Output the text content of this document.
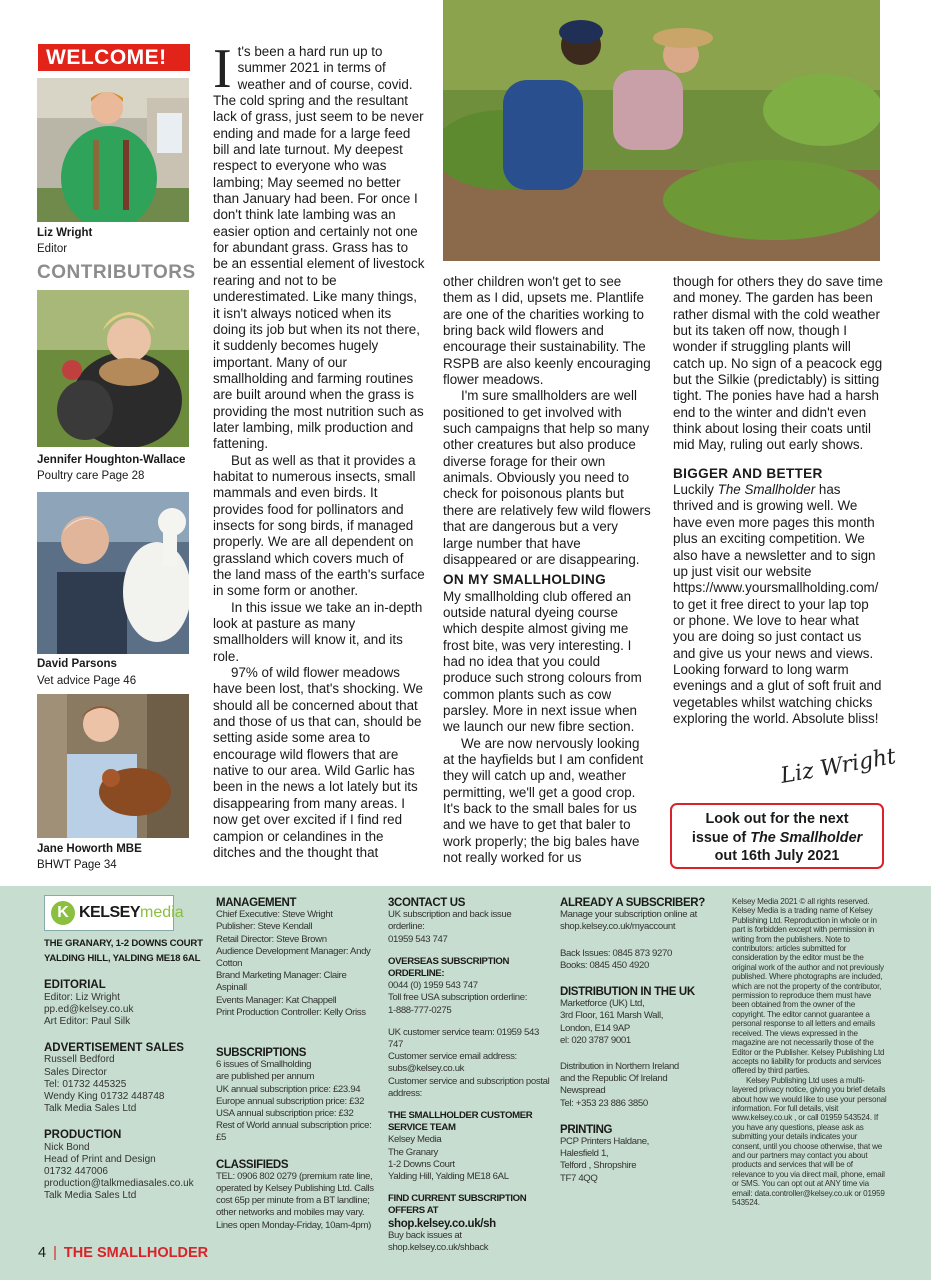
WELCOME!
Liz Wright
Editor
CONTRIBUTORS
Jennifer Houghton-Wallace
Poultry care Page 28
David Parsons
Vet advice Page 46
Jane Howorth MBE
BHWT Page 34
I t's been a hard run up to summer 2021 in terms of weather and of course, covid. The cold spring and the resultant lack of grass, just seem to be never ending and made for a large feed bill and late turnout. My deepest respect to everyone who was lambing; May seemed no better than January had been. For once I don't think late lambing was an easier option and certainly not one for abundant grass. Grass has to be an essential element of livestock rearing and not to be underestimated. Like many things, it isn't always noticed when its doing its job but when its not there, it suddenly becomes hugely important. Many of our smallholding and farming routines are built around when the grass is providing the most nutrition such as later lambing, milk production and fattening.

But as well as that it provides a habitat to numerous insects, small mammals and even birds. It provides food for pollinators and insects for song birds, if managed properly. We are all dependent on grassland which covers much of the land mass of the earth's surface in some form or another.

In this issue we take an in-depth look at pasture as many smallholders will know it, and its role.

97% of wild flower meadows have been lost, that's shocking. We should all be concerned about that and those of us that can, should be setting aside some area to encourage wild flowers that are native to our area. Wild Garlic has been in the news a lot lately but its disappearing from many areas. I now get over excited if I find red campion or celandines in the ditches and the thought that

other children won't get to see them as I did, upsets me. Plantlife are one of the charities working to bring back wild flowers and encourage their sustainability. The RSPB are also keenly encouraging flower meadows.

I'm sure smallholders are well positioned to get involved with such campaigns that help so many other creatures but also produce diverse forage for their own animals. Obviously you need to check for poisonous plants but there are relatively few wild flowers that are dangerous but a very large number that have disappeared or are disappearing.

ON MY SMALLHOLDING

My smallholding club offered an outside natural dyeing course which despite almost giving me frost bite, was very interesting. I had no idea that you could produce such strong colours from common plants such as cow parsley. More in next issue when we launch our new fibre section.

We are now nervously looking at the hayfields but I am confident they will catch up and, weather permitting, we'll get a good crop. It's back to the small bales for us and we have to get that baler to work properly; the big bales have not really worked for us

though for others they do save time and money. The garden has been rather dismal with the cold weather but its taken off now, though I wonder if struggling plants will catch up. No sign of a peacock egg but the Silkie (predictably) is sitting tight. The ponies have had a harsh end to the winter and didn't even think about losing their coats until mid May, ruling out early shows.

BIGGER AND BETTER

Luckily The Smallholder has thrived and is growing well. We have even more pages this month plus an exciting competition. We also have a newsletter and to sign up just visit our website https://www.yoursmallholding.com/ to get it free direct to your lap top or phone. We love to hear what you are doing so just contact us and give us your news and views. Looking forward to long warm evenings and a glut of soft fruit and vegetables whilst watching chicks exploring the world. Absolute bliss!

Liz Wright
Look out for the next
issue of The Smallholder
out 16th July 2021
K KELSEYmedia
THE GRANARY, 1-2 DOWNS COURT
YALDING HILL, YALDING ME18 6AL
EDITORIAL
Editor: Liz Wright
pp.ed@kelsey.co.uk
Art Editor: Paul Silk
ADVERTISEMENT SALES
Russell Bedford
Sales Director
Tel: 01732 445325
Wendy King 01732 448748
Talk Media Sales Ltd
PRODUCTION
Nick Bond
Head of Print and Design
01732 447006
production@talkmediasales.co.uk
Talk Media Sales Ltd
MANAGEMENT
Chief Executive: Steve Wright
Publisher: Steve Kendall
Retail Director: Steve Brown
Audience Development Manager: Andy Cotton
Brand Marketing Manager: Claire Aspinall
Events Manager: Kat Chappell
Print Production Controller: Kelly Oriss
SUBSCRIPTIONS
6 issues of Smallholding
are published per annum
UK annual subscription price: £23.94
Europe annual subscription price: £32
USA annual subscription price: £32
Rest of World annual subscription price: £5
CLASSIFIEDS
TEL: 0906 802 0279 (premium rate line, operated by Kelsey Publishing Ltd. Calls cost 65p per minute from a BT landline; other networks and mobiles may vary. Lines open Monday-Friday, 10am-4pm)
3CONTACT US
UK subscription and back issue orderline:
01959 543 747
OVERSEAS SUBSCRIPTION ORDERLINE:
0044 (0) 1959 543 747
Toll free USA subscription orderline:
1-888-777-0275
UK customer service team: 01959 543 747
Customer service email address:
subs@kelsey.co.uk
Customer service and subscription postal
address:
THE SMALLHOLDER CUSTOMER SERVICE TEAM
Kelsey Media
The Granary
1-2 Downs Court
Yalding Hill, Yalding ME18 6AL
FIND CURRENT SUBSCRIPTION OFFERS AT
shop.kelsey.co.uk/sh
Buy back issues at shop.kelsey.co.uk/shback
ALREADY A SUBSCRIBER?
Manage your subscription online at
shop.kelsey.co.uk/myaccount
Back Issues: 0845 873 9270
Books: 0845 450 4920
DISTRIBUTION IN THE UK
Marketforce (UK) Ltd,
3rd Floor, 161 Marsh Wall,
London, E14 9AP
el: 020 3787 9001
Distribution in Northern Ireland
and the Republic Of Ireland
Newspread
Tel: +353 23 886 3850
PRINTING
PCP Printers Haldane,
Halesfield 1,
Telford , Shropshire
TF7 4QQ
Kelsey Media 2021 © all rights reserved. Kelsey Media is a trading name of Kelsey Publishing Ltd. Reproduction in whole or in part is forbidden except with permission in writing from the publishers. Note to contributors: articles submitted for consideration by the editor must be the original work of the author and not previously published. Where photographs are included, which are not the property of the contributor, permission to reproduce them must have been obtained from the owner of the copyright. The editor cannot guarantee a personal response to all letters and emails received. The views expressed in the magazine are not necessarily those of the Editor or the Publisher. Kelsey Publishing Ltd accepts no liability for products and services offered by third parties.
Kelsey Publishing Ltd uses a multi-layered privacy notice, giving you brief details about how we would like to use your personal information. For full details, visit www.kelsey.co.uk , or call 01959 543524. If you have any questions, please ask as submitting your details indicates your consent, until you choose otherwise, that we and our partners may contact you about products and services that will be of relevance to you via direct mail, phone, email or SMS. You can opt out at ANY time via email: data.controller@kelsey.co.uk or 01959 543524.
4 | THE SMALLHOLDER
